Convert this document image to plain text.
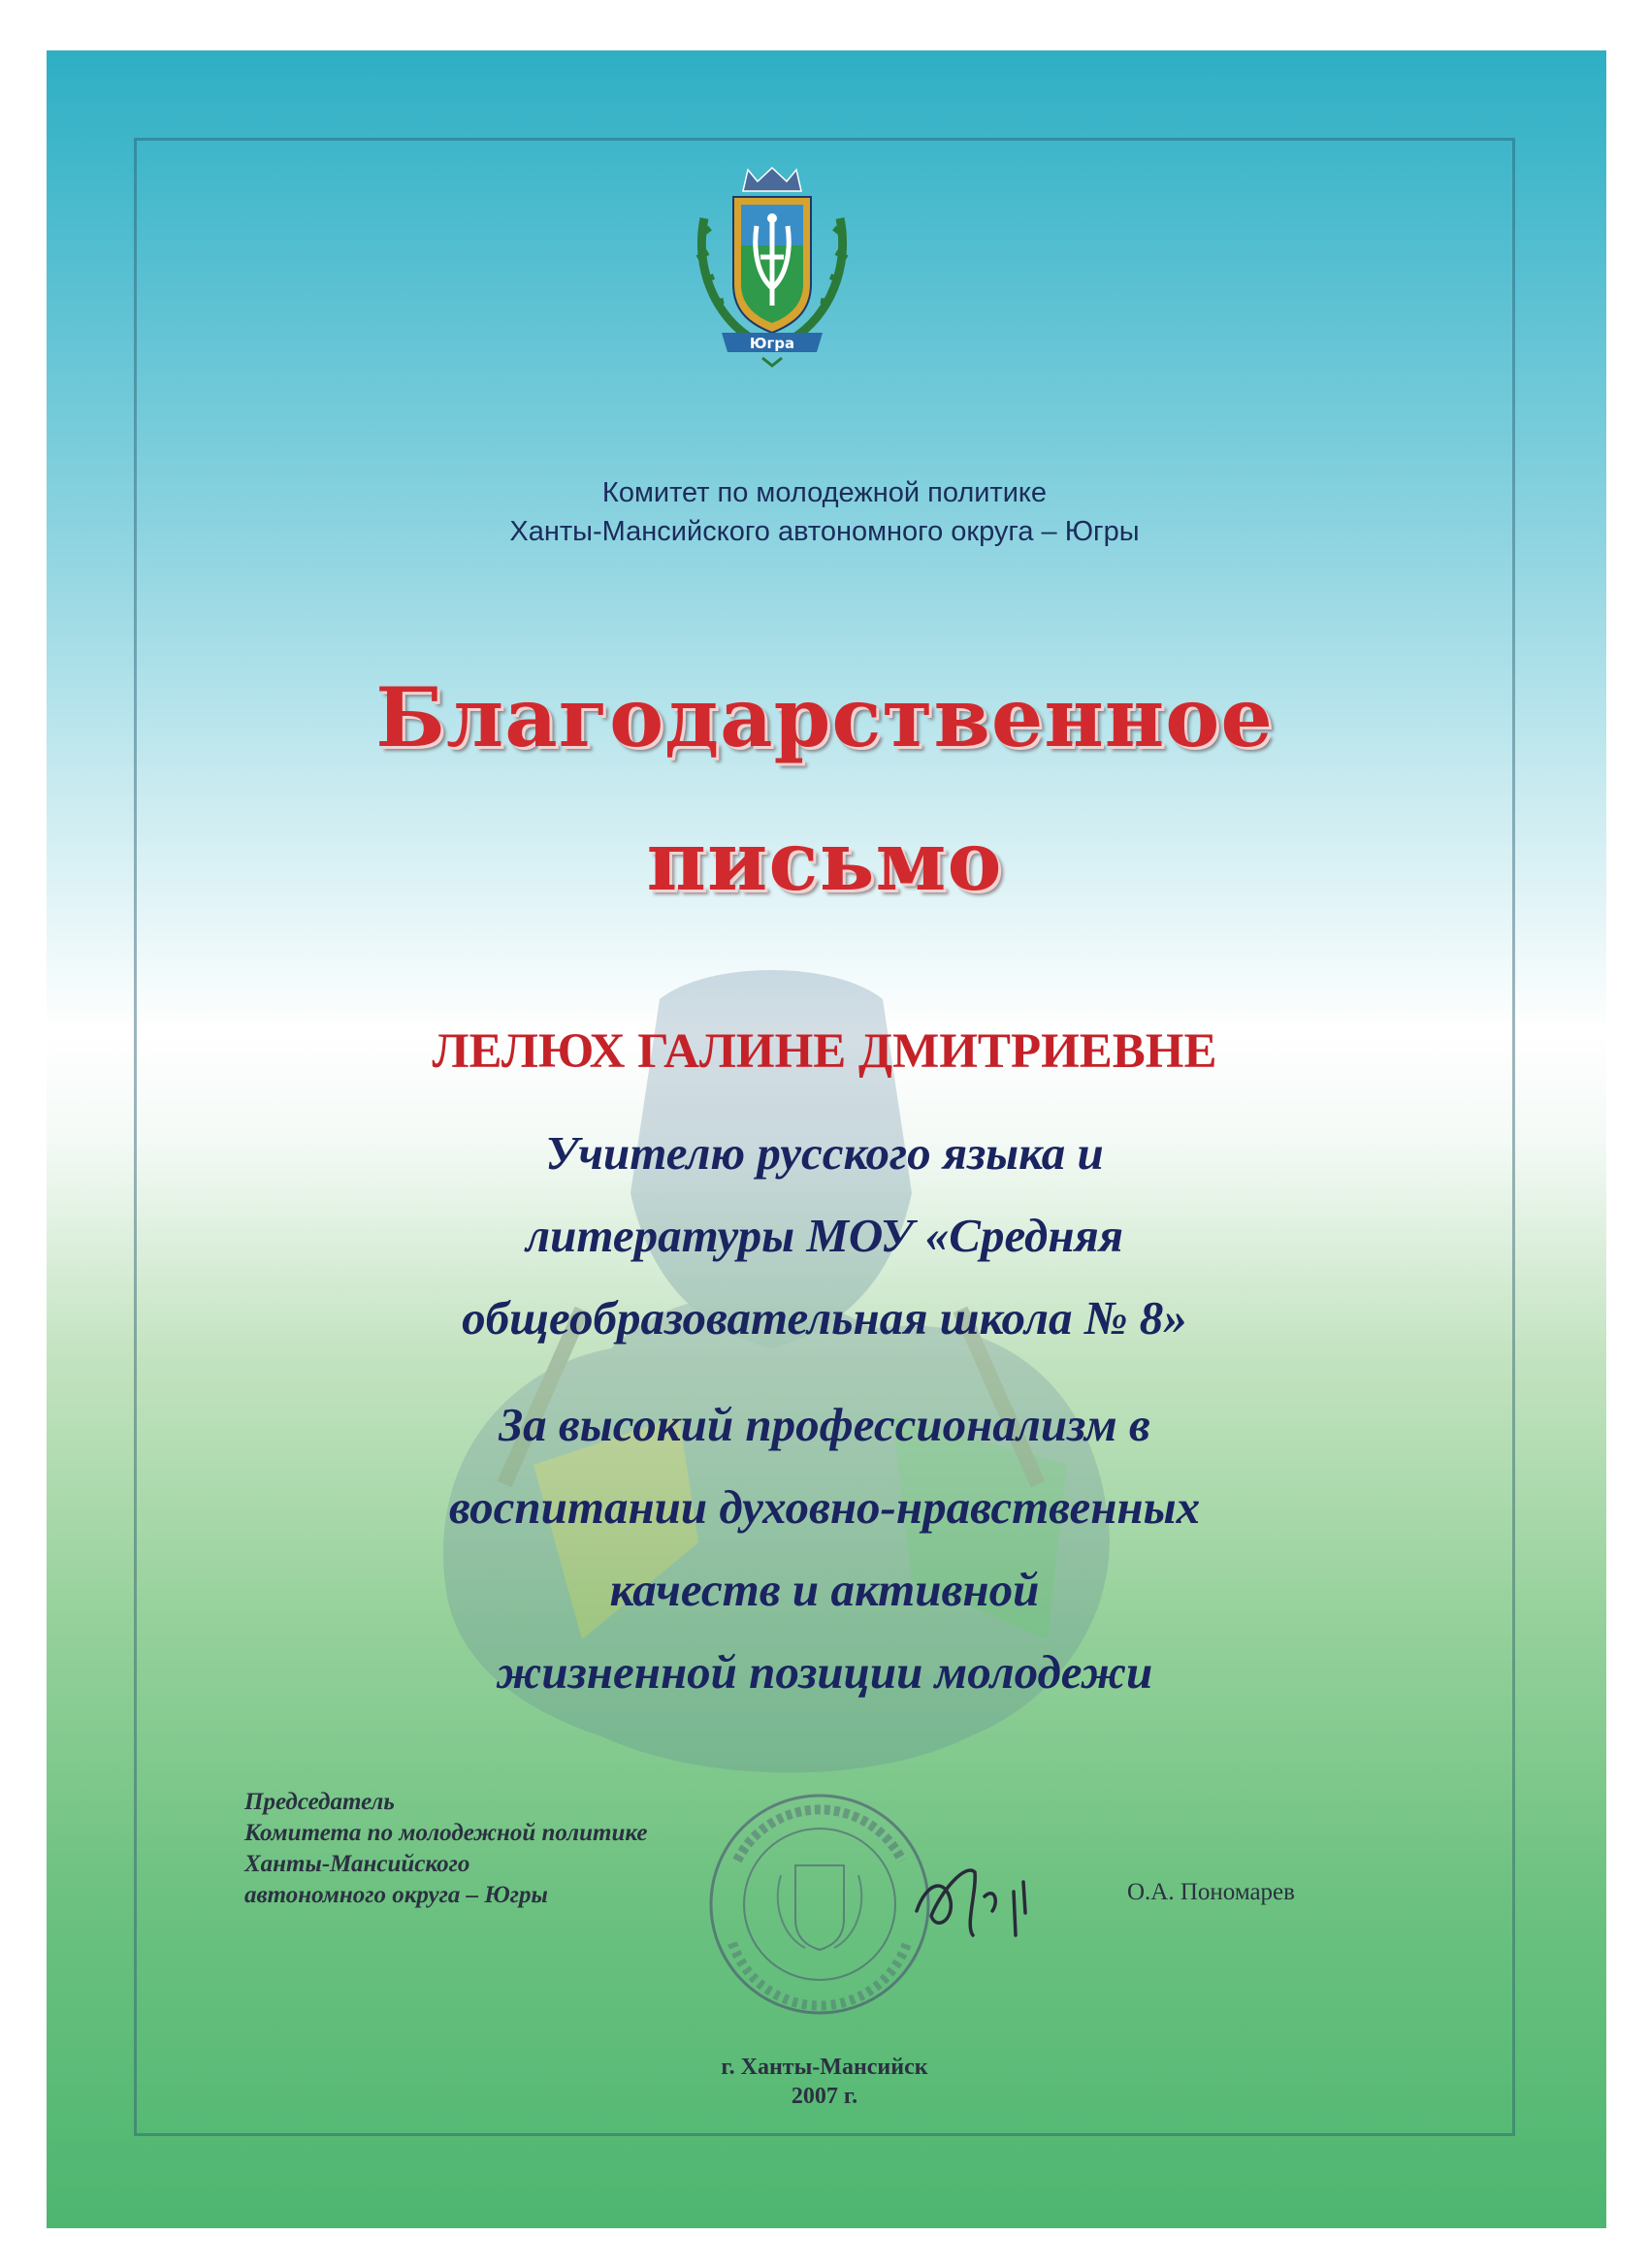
Югра
Комитет по молодежной политике
Ханты-Мансийского автономного округа – Югры
Благодарственное
письмо
ЛЕЛЮХ ГАЛИНЕ ДМИТРИЕВНЕ
Учителю русского языка и
литературы МОУ «Средняя
общеобразовательная школа № 8»
За высокий профессионализм в
воспитании духовно-нравственных
качеств и активной
жизненной позиции молодежи
Председатель
Комитета по молодежной политике
Ханты-Мансийского
автономного округа – Югры	О.А. Пономарев
г. Ханты-Мансийск
2007 г.
